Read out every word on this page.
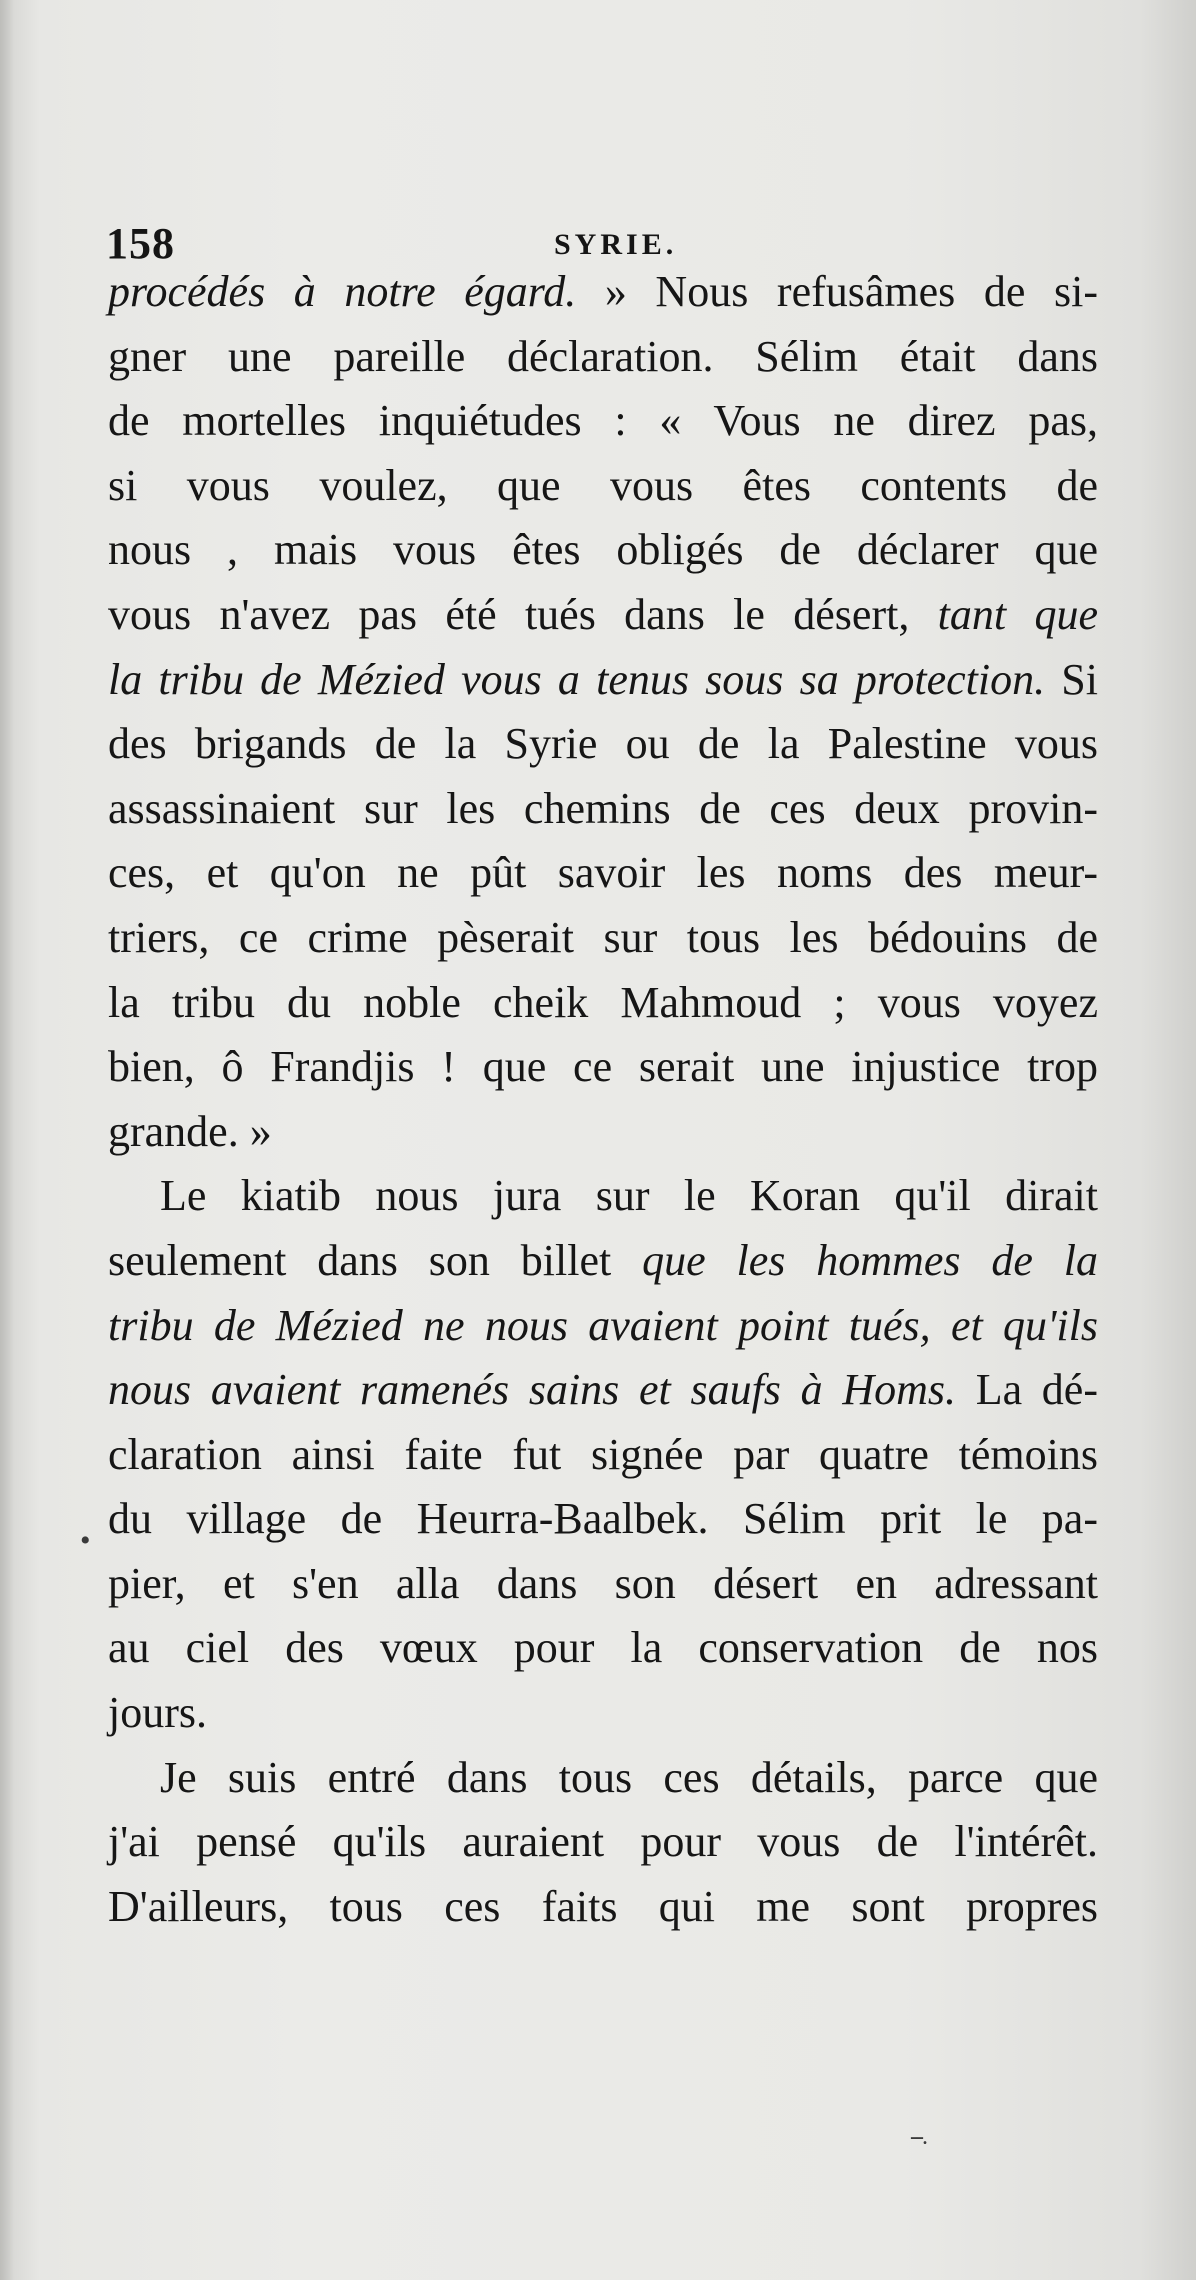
158	SYRIE.
procédés à notre égard. » Nous refusâmes de si-
gner une pareille déclaration. Sélim était dans
de mortelles inquiétudes : « Vous ne direz pas,
si vous voulez, que vous êtes contents de
nous , mais vous êtes obligés de déclarer que
vous n'avez pas été tués dans le désert, tant que
la tribu de Mézied vous a tenus sous sa protection. Si
des brigands de la Syrie ou de la Palestine vous
assassinaient sur les chemins de ces deux provin-
ces, et qu'on ne pût savoir les noms des meur-
triers, ce crime pèserait sur tous les bédouins de
la tribu du noble cheik Mahmoud ; vous voyez
bien, ô Frandjis ! que ce serait une injustice trop
grande. »
Le kiatib nous jura sur le Koran qu'il dirait
seulement dans son billet que les hommes de la
tribu de Mézied ne nous avaient point tués, et qu'ils
nous avaient ramenés sains et saufs à Homs. La dé-
claration ainsi faite fut signée par quatre témoins
du village de Heurra-Baalbek. Sélim prit le pa-
pier, et s'en alla dans son désert en adressant
au ciel des vœux pour la conservation de nos
jours.
Je suis entré dans tous ces détails, parce que
j'ai pensé qu'ils auraient pour vous de l'intérêt.
D'ailleurs, tous ces faits qui me sont propres
•
--.
